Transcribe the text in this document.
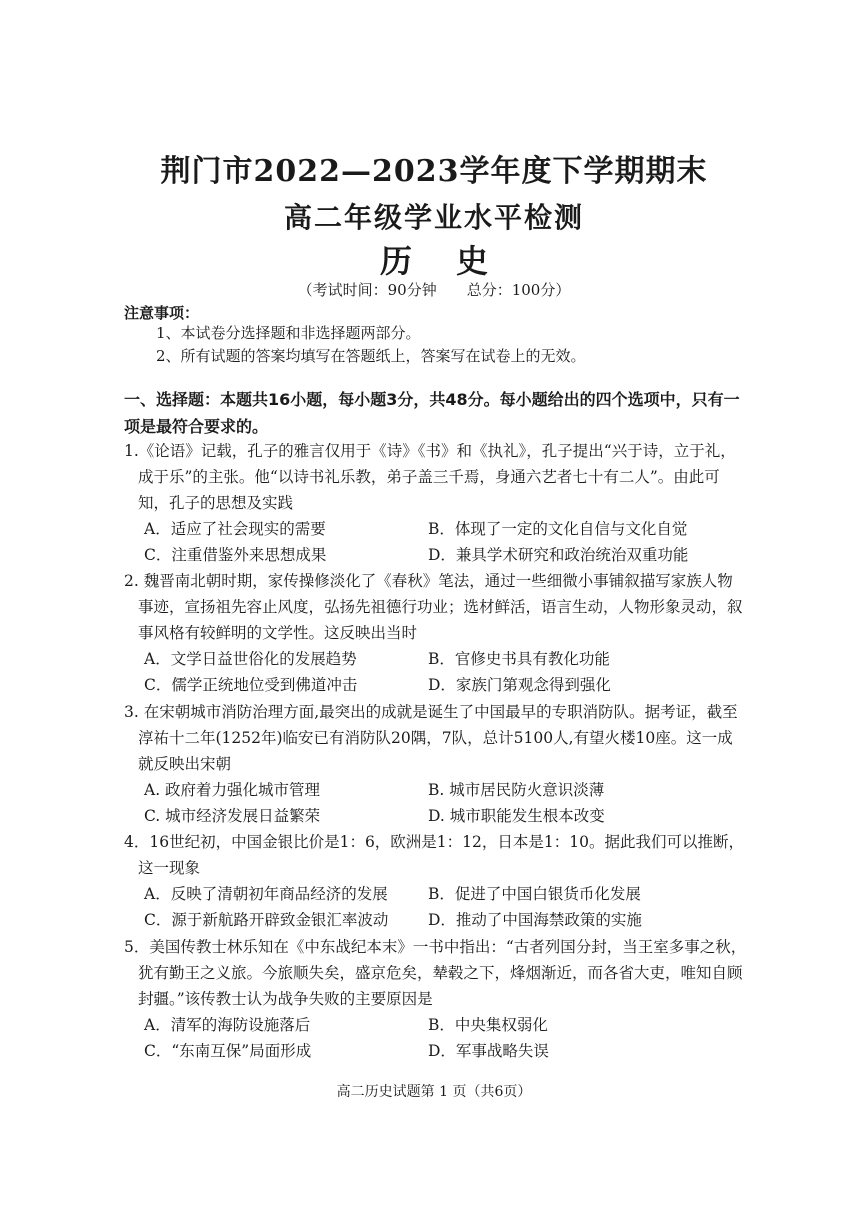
荆门市2022—2023学年度下学期期末
高二年级学业水平检测
历 史
（考试时间：90分钟　　总分：100分）
注意事项：
1、本试卷分选择题和非选择题两部分。
2、所有试题的答案均填写在答题纸上，答案写在试卷上的无效。
一、选择题：本题共16小题，每小题3分，共48分。每小题给出的四个选项中，只有一项是最符合要求的。
1.《论语》记载，孔子的雅言仅用于《诗》《书》和《执礼》，孔子提出“兴于诗，立于礼，成于乐”的主张。他“以诗书礼乐教，弟子盖三千焉，身通六艺者七十有二人”。由此可知，孔子的思想及实践
A．适应了社会现实的需要	B．体现了一定的文化自信与文化自觉
C．注重借鉴外来思想成果	D．兼具学术研究和政治统治双重功能
2. 魏晋南北朝时期，家传操修淡化了《春秋》笔法，通过一些细微小事铺叙描写家族人物事迹，宣扬祖先容止风度，弘扬先祖德行功业；选材鲜活，语言生动，人物形象灵动，叙事风格有较鲜明的文学性。这反映出当时
A．文学日益世俗化的发展趋势	B．官修史书具有教化功能
C．儒学正统地位受到佛道冲击	D．家族门第观念得到强化
3. 在宋朝城市消防治理方面,最突出的成就是诞生了中国最早的专职消防队。据考证，截至淳祐十二年(1252年)临安已有消防队20隅，7队，总计5100人,有望火楼10座。这一成就反映出宋朝
A. 政府着力强化城市管理	B. 城市居民防火意识淡薄
C. 城市经济发展日益繁荣	D. 城市职能发生根本改变
4．16世纪初，中国金银比价是1：6，欧洲是1：12，日本是1：10。据此我们可以推断，这一现象
A．反映了清朝初年商品经济的发展	B．促进了中国白银货币化发展
C．源于新航路开辟致金银汇率波动	D．推动了中国海禁政策的实施
5．美国传教士林乐知在《中东战纪本末》一书中指出：“古者列国分封，当王室多事之秋，犹有勤王之义旅。今旅顺失矣，盛京危矣，辇毂之下，烽烟渐近，而各省大吏，唯知自顾封疆。”该传教士认为战争失败的主要原因是
A．清军的海防设施落后	B．中央集权弱化
C．“东南互保”局面形成	D．军事战略失误
高二历史试题第 1 页（共6页）
